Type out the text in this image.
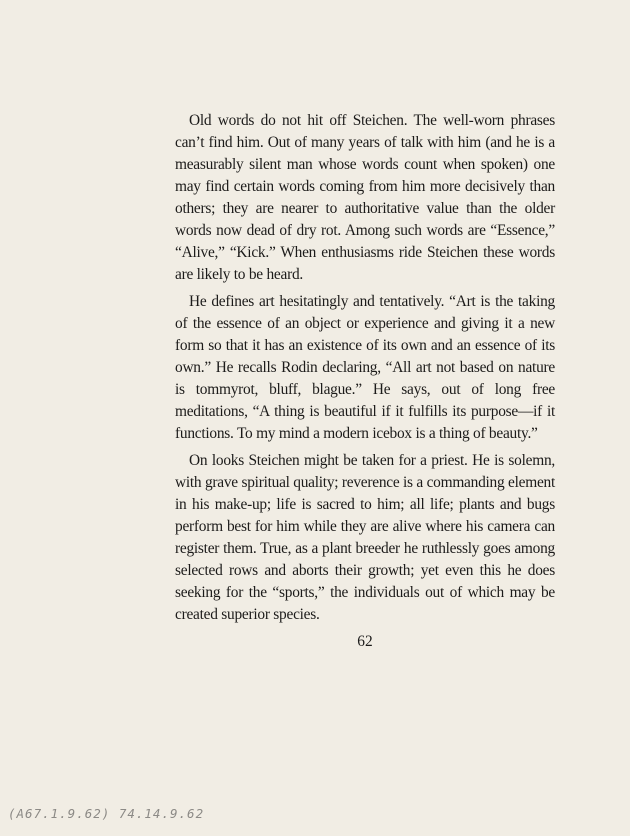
Old words do not hit off Steichen. The well-worn phrases can’t find him. Out of many years of talk with him (and he is a measurably silent man whose words count when spoken) one may find certain words coming from him more decisively than others; they are nearer to authoritative value than the older words now dead of dry rot. Among such words are “Essence,” “Alive,” “Kick.” When enthusiasms ride Steichen these words are likely to be heard.

He defines art hesitatingly and tentatively. “Art is the taking of the essence of an object or experience and giving it a new form so that it has an existence of its own and an essence of its own.” He recalls Rodin declaring, “All art not based on nature is tommyrot, bluff, blague.” He says, out of long free meditations, “A thing is beautiful if it fulfills its purpose—if it functions. To my mind a modern icebox is a thing of beauty.”

On looks Steichen might be taken for a priest. He is solemn, with grave spiritual quality; reverence is a commanding element in his make-up; life is sacred to him; all life; plants and bugs perform best for him while they are alive where his camera can register them. True, as a plant breeder he ruthlessly goes among selected rows and aborts their growth; yet even this he does seeking for the “sports,” the individuals out of which may be created superior species.

62
(A67.1.9.62) 74.14.9.62
